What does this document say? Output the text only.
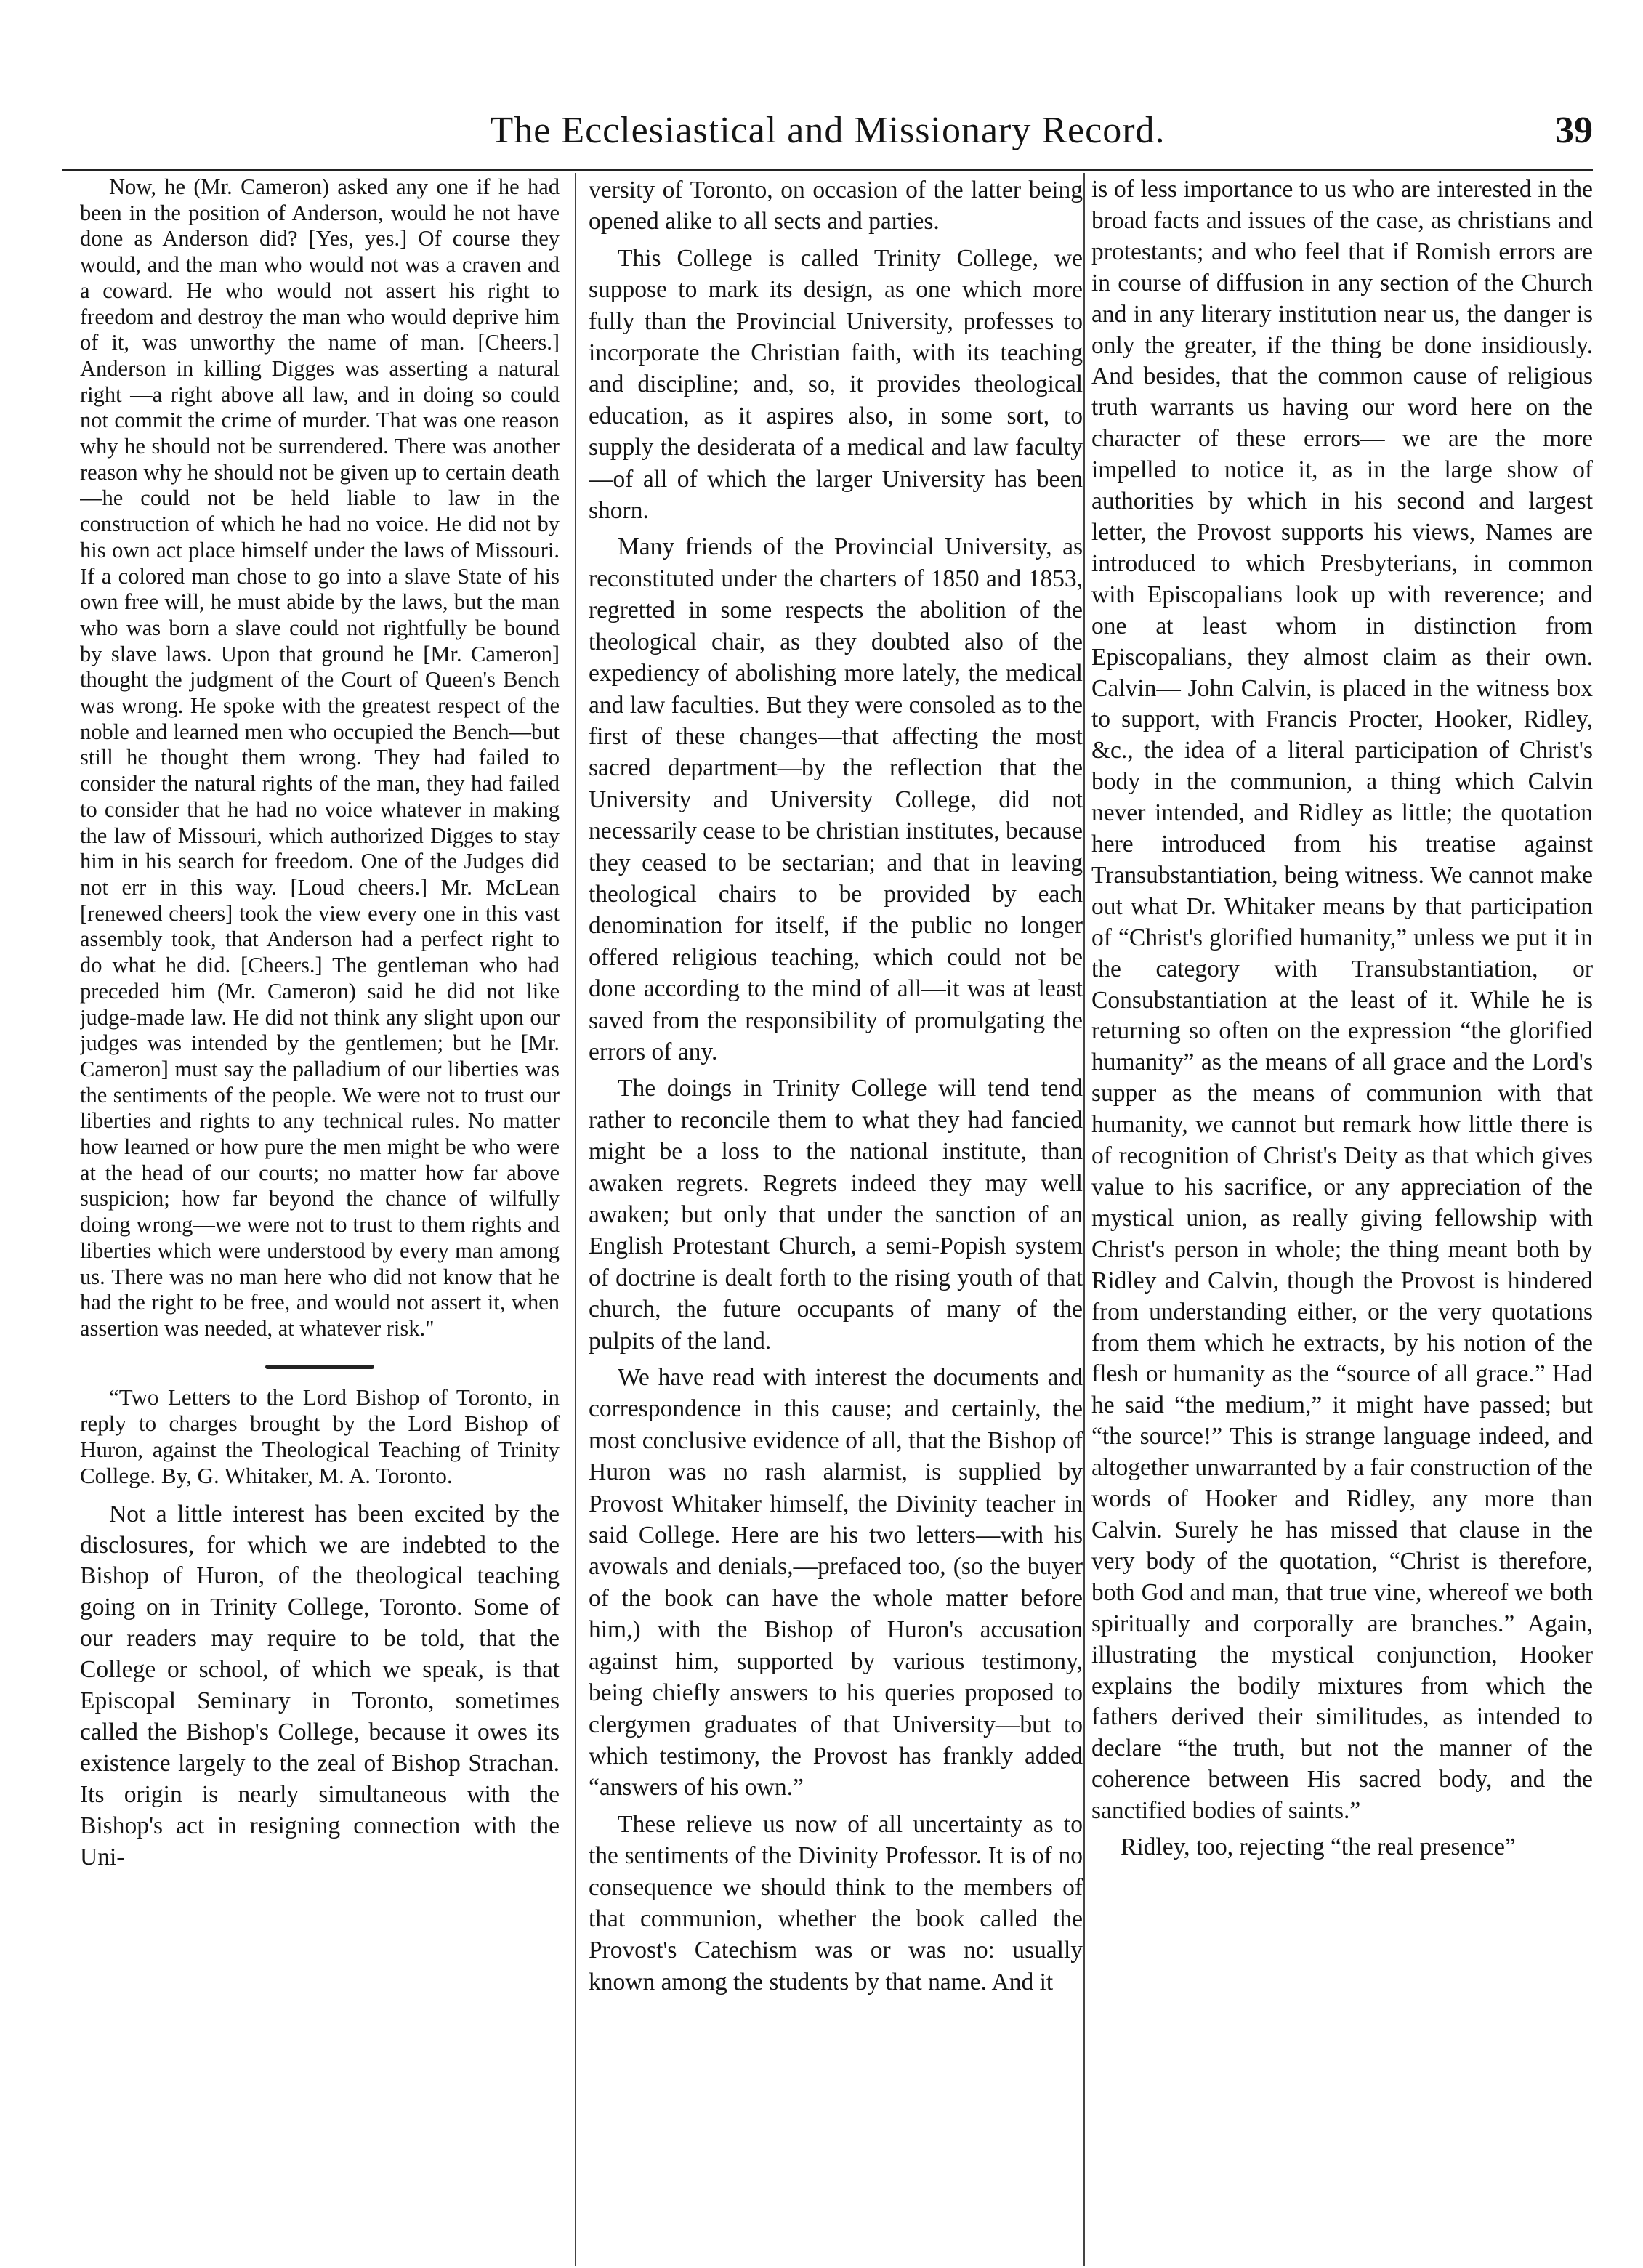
The Ecclesiastical and Missionary Record.	39

Now, he (Mr. Cameron) asked any one if he had been in the position of Anderson, would he not have done as Anderson did? [Yes, yes.] Of course they would, and the man who would not was a craven and a coward. He who would not assert his right to freedom and destroy the man who would deprive him of it, was unworthy the name of man. [Cheers.] Anderson in killing Digges was asserting a natural right —a right above all law, and in doing so could not commit the crime of murder. That was one reason why he should not be surrendered. There was another reason why he should not be given up to certain death—he could not be held liable to law in the construction of which he had no voice. He did not by his own act place himself under the laws of Missouri. If a colored man chose to go into a slave State of his own free will, he must abide by the laws, but the man who was born a slave could not rightfully be bound by slave laws. Upon that ground he [Mr. Cameron] thought the judgment of the Court of Queen's Bench was wrong. He spoke with the greatest respect of the noble and learned men who occupied the Bench—but still he thought them wrong. They had failed to consider the natural rights of the man, they had failed to consider that he had no voice whatever in making the law of Missouri, which authorized Digges to stay him in his search for freedom. One of the Judges did not err in this way. [Loud cheers.] Mr. McLean [renewed cheers] took the view every one in this vast assembly took, that Anderson had a perfect right to do what he did. [Cheers.] The gentleman who had preceded him (Mr. Cameron) said he did not like judge-made law. He did not think any slight upon our judges was intended by the gentlemen; but he [Mr. Cameron] must say the palladium of our liberties was the sentiments of the people. We were not to trust our liberties and rights to any technical rules. No matter how learned or how pure the men might be who were at the head of our courts; no matter how far above suspicion; how far beyond the chance of wilfully doing wrong—we were not to trust to them rights and liberties which were understood by every man among us. There was no man here who did not know that he had the right to be free, and would not assert it, when assertion was needed, at whatever risk."

“Two Letters to the Lord Bishop of Toronto, in reply to charges brought by the Lord Bishop of Huron, against the Theological Teaching of Trinity College. By, G. Whitaker, M. A. Toronto.

Not a little interest has been excited by the disclosures, for which we are indebted to the Bishop of Huron, of the theological teaching going on in Trinity College, Toronto. Some of our readers may require to be told, that the College or school, of which we speak, is that Episcopal Seminary in Toronto, sometimes called the Bishop's College, because it owes its existence largely to the zeal of Bishop Strachan. Its origin is nearly simultaneous with the Bishop's act in resigning connection with the Uni-

versity of Toronto, on occasion of the latter being opened alike to all sects and parties.

This College is called Trinity College, we suppose to mark its design, as one which more fully than the Provincial University, professes to incorporate the Christian faith, with its teaching and discipline; and, so, it provides theological education, as it aspires also, in some sort, to supply the desiderata of a medical and law faculty—of all of which the larger University has been shorn.

Many friends of the Provincial University, as reconstituted under the charters of 1850 and 1853, regretted in some respects the abolition of the theological chair, as they doubted also of the expediency of abolishing more lately, the medical and law faculties. But they were consoled as to the first of these changes—that affecting the most sacred department—by the reflection that the University and University College, did not necessarily cease to be christian institutes, because they ceased to be sectarian; and that in leaving theological chairs to be provided by each denomination for itself, if the public no longer offered religious teaching, which could not be done according to the mind of all—it was at least saved from the responsibility of promulgating the errors of any.

The doings in Trinity College will tend tend rather to reconcile them to what they had fancied might be a loss to the national institute, than awaken regrets. Regrets indeed they may well awaken; but only that under the sanction of an English Protestant Church, a semi-Popish system of doctrine is dealt forth to the rising youth of that church, the future occupants of many of the pulpits of the land.

We have read with interest the documents and correspondence in this cause; and certainly, the most conclusive evidence of all, that the Bishop of Huron was no rash alarmist, is supplied by Provost Whitaker himself, the Divinity teacher in said College. Here are his two letters—with his avowals and denials,—prefaced too, (so the buyer of the book can have the whole matter before him,) with the Bishop of Huron's accusation against him, supported by various testimony, being chiefly answers to his queries proposed to clergymen graduates of that University—but to which testimony, the Provost has frankly added “answers of his own.”

These relieve us now of all uncertainty as to the sentiments of the Divinity Professor. It is of no consequence we should think to the members of that communion, whether the book called the Provost's Catechism was or was no: usually known among the students by that name. And it

is of less importance to us who are interested in the broad facts and issues of the case, as christians and protestants; and who feel that if Romish errors are in course of diffusion in any section of the Church and in any literary institution near us, the danger is only the greater, if the thing be done insidiously. And besides, that the common cause of religious truth warrants us having our word here on the character of these errors— we are the more impelled to notice it, as in the large show of authorities by which in his second and largest letter, the Provost supports his views, Names are introduced to which Presbyterians, in common with Episcopalians look up with reverence; and one at least whom in distinction from Episcopalians, they almost claim as their own. Calvin— John Calvin, is placed in the witness box to support, with Francis Procter, Hooker, Ridley, &c., the idea of a literal participation of Christ's body in the communion, a thing which Calvin never intended, and Ridley as little; the quotation here introduced from his treatise against Transubstantiation, being witness. We cannot make out what Dr. Whitaker means by that participation of “Christ's glorified humanity,” unless we put it in the category with Transubstantiation, or Consubstantiation at the least of it. While he is returning so often on the expression “the glorified humanity” as the means of all grace and the Lord's supper as the means of communion with that humanity, we cannot but remark how little there is of recognition of Christ's Deity as that which gives value to his sacrifice, or any appreciation of the mystical union, as really giving fellowship with Christ's person in whole; the thing meant both by Ridley and Calvin, though the Provost is hindered from understanding either, or the very quotations from them which he extracts, by his notion of the flesh or humanity as the “source of all grace.” Had he said “the medium,” it might have passed; but “the source!” This is strange language indeed, and altogether unwarranted by a fair construction of the words of Hooker and Ridley, any more than Calvin. Surely he has missed that clause in the very body of the quotation, “Christ is therefore, both God and man, that true vine, whereof we both spiritually and corporally are branches.” Again, illustrating the mystical conjunction, Hooker explains the bodily mixtures from which the fathers derived their similitudes, as intended to declare “the truth, but not the manner of the coherence between His sacred body, and the sanctified bodies of saints.”

Ridley, too, rejecting “the real presence”
